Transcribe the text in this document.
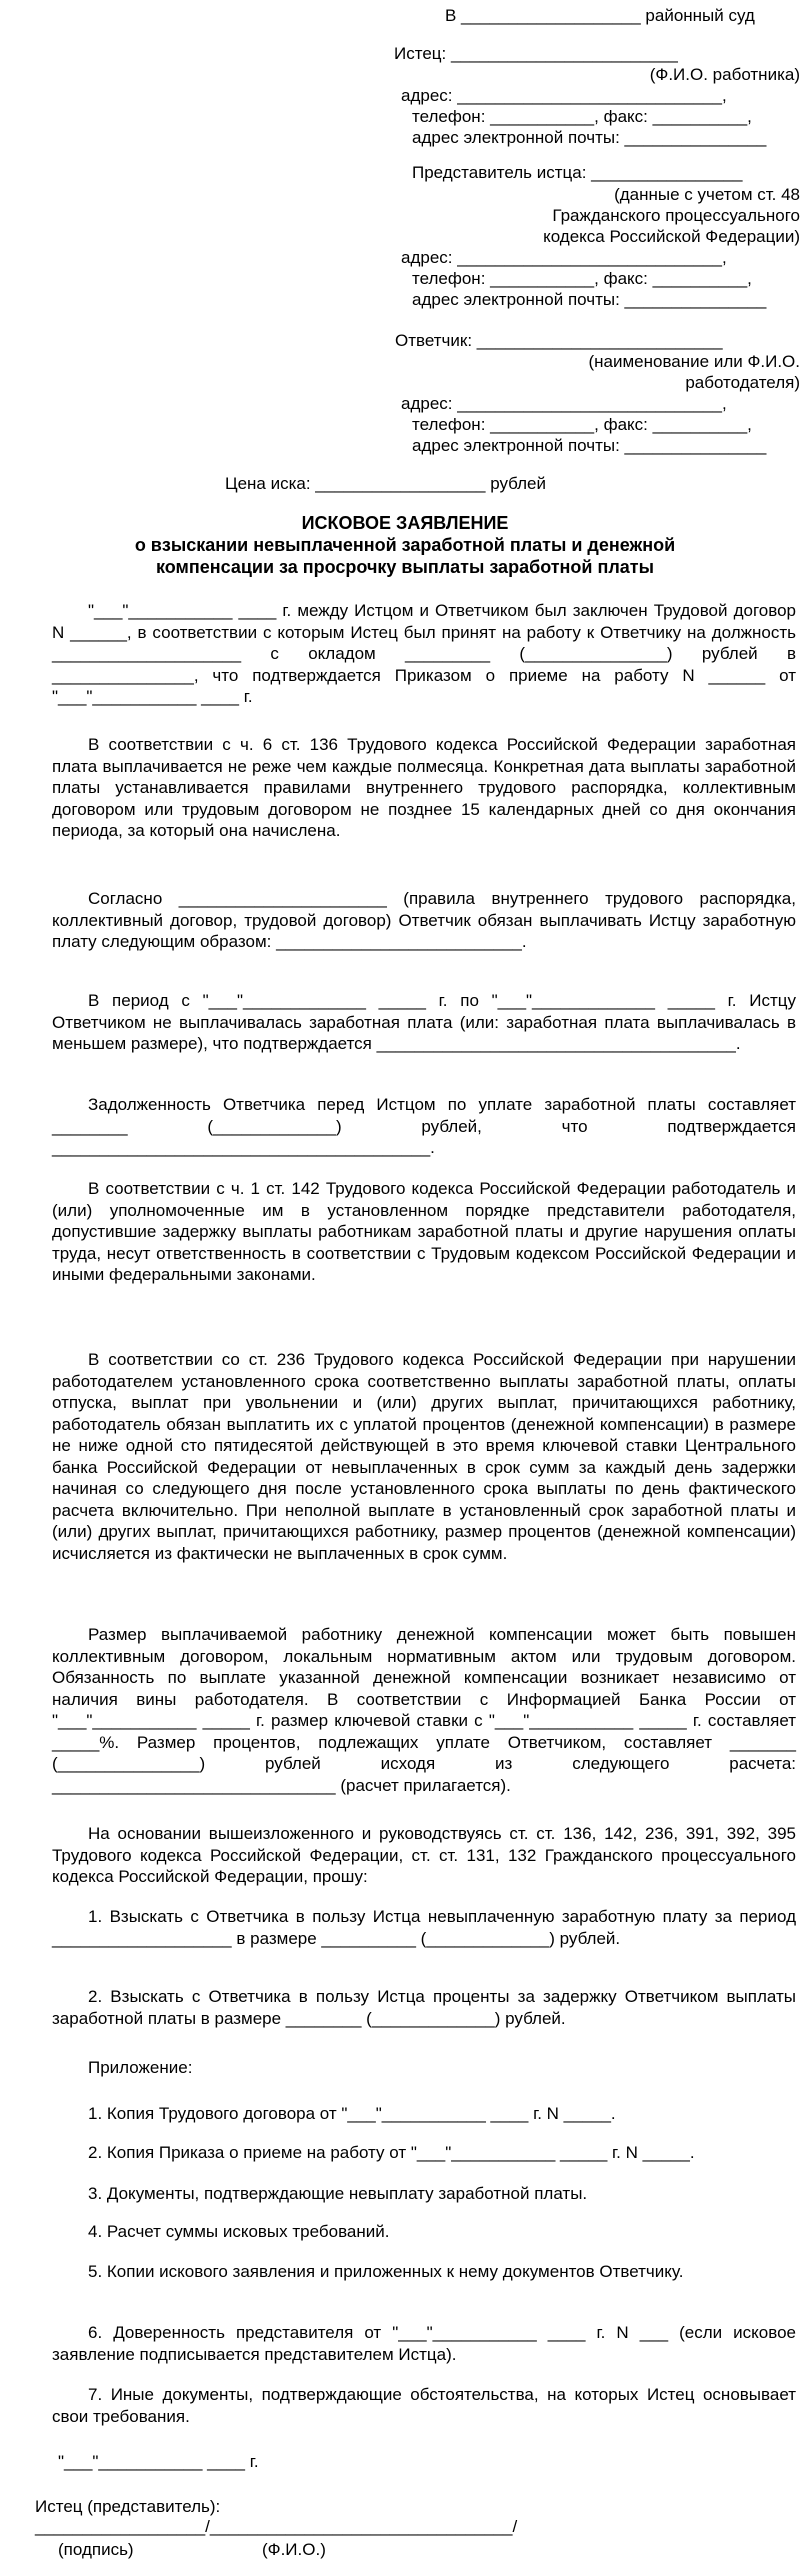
В ___________________ районный суд
Истец: ________________________
(Ф.И.О. работника)
адрес: ____________________________,
телефон: ___________, факс: __________,
адрес электронной почты: _______________
Представитель истца: ________________
(данные с учетом ст. 48
Гражданского процессуального
кодекса Российской Федерации)
адрес: ____________________________,
телефон: ___________, факс: __________,
адрес электронной почты: _______________
Ответчик: __________________________
(наименование или Ф.И.О.
работодателя)
адрес: ____________________________,
телефон: ___________, факс: __________,
адрес электронной почты: _______________
Цена иска: __________________ рублей
ИСКОВОЕ ЗАЯВЛЕНИЕ
о взыскании невыплаченной заработной платы и денежной
компенсации за просрочку выплаты заработной платы
"___"___________ ____ г. между Истцом и Ответчиком был заключен Трудовой договор N ______, в соответствии с которым Истец был принят на работу к Ответчику на должность ____________________ с окладом _________ (_______________) рублей в _______________, что подтверждается Приказом о приеме на работу N ______ от "___"___________ ____ г.
В соответствии с ч. 6 ст. 136 Трудового кодекса Российской Федерации заработная плата выплачивается не реже чем каждые полмесяца. Конкретная дата выплаты заработной платы устанавливается правилами внутреннего трудового распорядка, коллективным договором или трудовым договором не позднее 15 календарных дней со дня окончания периода, за который она начислена.
Согласно ______________________ (правила внутреннего трудового распорядка, коллективный договор, трудовой договор) Ответчик обязан выплачивать Истцу заработную плату следующим образом: __________________________.
В период с "___"_____________ _____ г. по "___"_____________ _____ г. Истцу Ответчиком не выплачивалась заработная плата (или: заработная плата выплачивалась в меньшем размере), что подтверждается ______________________________________.
Задолженность Ответчика перед Истцом по уплате заработной платы составляет ________ (_____________) рублей, что подтверждается ________________________________________.
В соответствии с ч. 1 ст. 142 Трудового кодекса Российской Федерации работодатель и (или) уполномоченные им в установленном порядке представители работодателя, допустившие задержку выплаты работникам заработной платы и другие нарушения оплаты труда, несут ответственность в соответствии с Трудовым кодексом Российской Федерации и иными федеральными законами.
В соответствии со ст. 236 Трудового кодекса Российской Федерации при нарушении работодателем установленного срока соответственно выплаты заработной платы, оплаты отпуска, выплат при увольнении и (или) других выплат, причитающихся работнику, работодатель обязан выплатить их с уплатой процентов (денежной компенсации) в размере не ниже одной сто пятидесятой действующей в это время ключевой ставки Центрального банка Российской Федерации от невыплаченных в срок сумм за каждый день задержки начиная со следующего дня после установленного срока выплаты по день фактического расчета включительно. При неполной выплате в установленный срок заработной платы и (или) других выплат, причитающихся работнику, размер процентов (денежной компенсации) исчисляется из фактически не выплаченных в срок сумм.
Размер выплачиваемой работнику денежной компенсации может быть повышен коллективным договором, локальным нормативным актом или трудовым договором. Обязанность по выплате указанной денежной компенсации возникает независимо от наличия вины работодателя. В соответствии с Информацией Банка России от "___"___________ _____ г. размер ключевой ставки с "___"___________ _____ г. составляет _____%. Размер процентов, подлежащих уплате Ответчиком, составляет _______ (_______________) рублей исходя из следующего расчета: ______________________________ (расчет прилагается).
На основании вышеизложенного и руководствуясь ст. ст. 136, 142, 236, 391, 392, 395 Трудового кодекса Российской Федерации, ст. ст. 131, 132 Гражданского процессуального кодекса Российской Федерации, прошу:
1. Взыскать с Ответчика в пользу Истца невыплаченную заработную плату за период ___________________ в размере __________ (_____________) рублей.
2. Взыскать с Ответчика в пользу Истца проценты за задержку Ответчиком выплаты заработной платы в размере ________ (_____________) рублей.
Приложение:
1. Копия Трудового договора от "___"___________ ____ г. N _____.
2. Копия Приказа о приеме на работу от "___"___________ _____ г. N _____.
3. Документы, подтверждающие невыплату заработной платы.
4. Расчет суммы исковых требований.
5. Копии искового заявления и приложенных к нему документов Ответчику.
6. Доверенность представителя от "___"___________ ____ г. N ___ (если исковое заявление подписывается представителем Истца).
7. Иные документы, подтверждающие обстоятельства, на которых Истец основывает свои требования.
"___"___________ ____ г.
Истец (представитель):
__________________/________________________________/
(подпись)	(Ф.И.О.)
